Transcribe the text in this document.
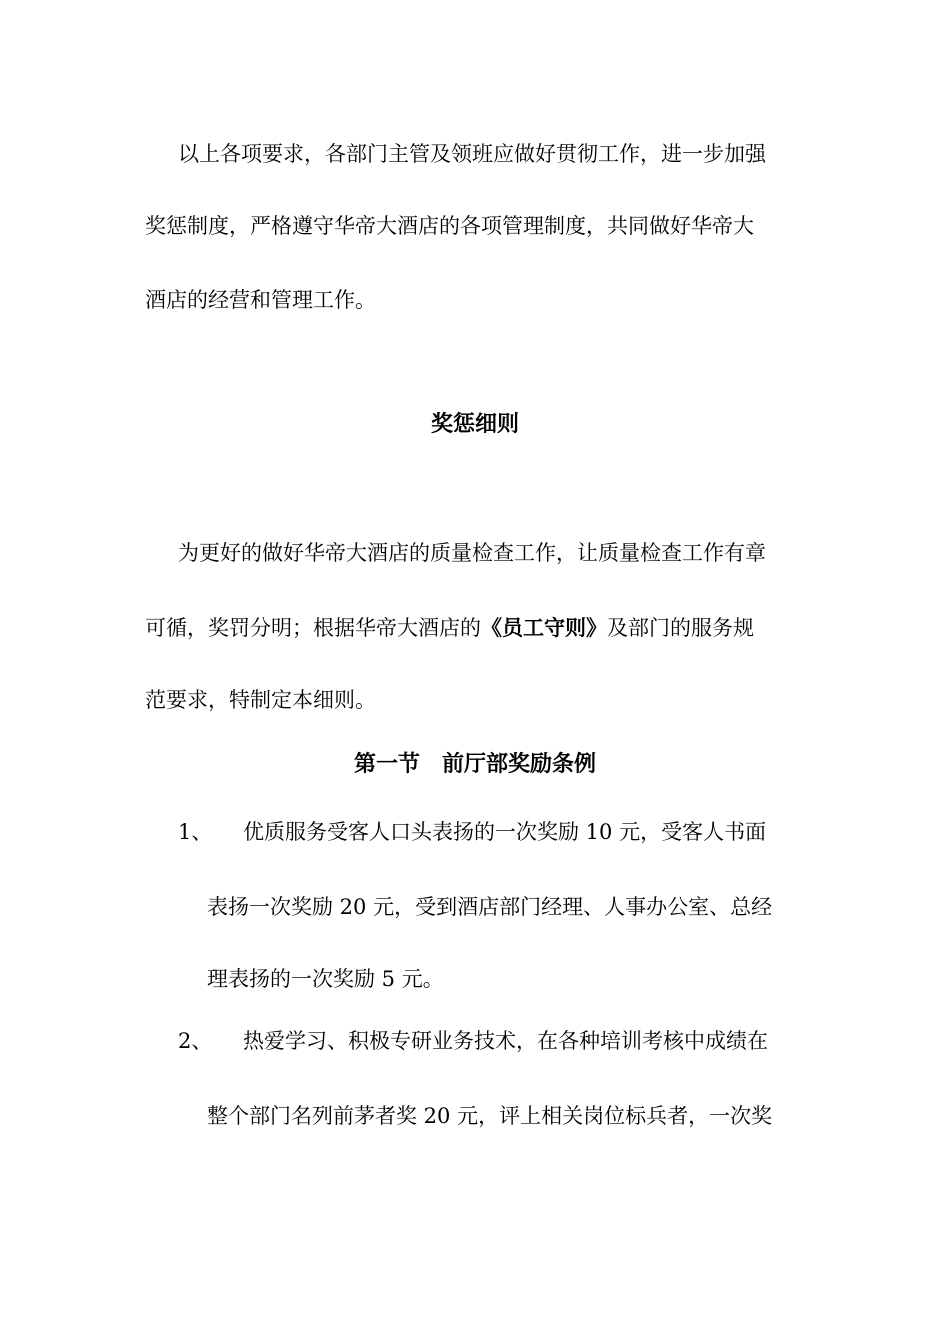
以上各项要求，各部门主管及领班应做好贯彻工作，进一步加强
奖惩制度，严格遵守华帝大酒店的各项管理制度，共同做好华帝大
酒店的经营和管理工作。
奖惩细则
为更好的做好华帝大酒店的质量检查工作，让质量检查工作有章
可循，奖罚分明；根据华帝大酒店的《员工守则》及部门的服务规
范要求，特制定本细则。
第一节　前厅部奖励条例
1、 优质服务受客人口头表扬的一次奖励 10 元，受客人书面
表扬一次奖励 20 元，受到酒店部门经理、人事办公室、总经
理表扬的一次奖励 5 元。
2、 热爱学习、积极专研业务技术，在各种培训考核中成绩在
整个部门名列前茅者奖 20 元，评上相关岗位标兵者，一次奖
